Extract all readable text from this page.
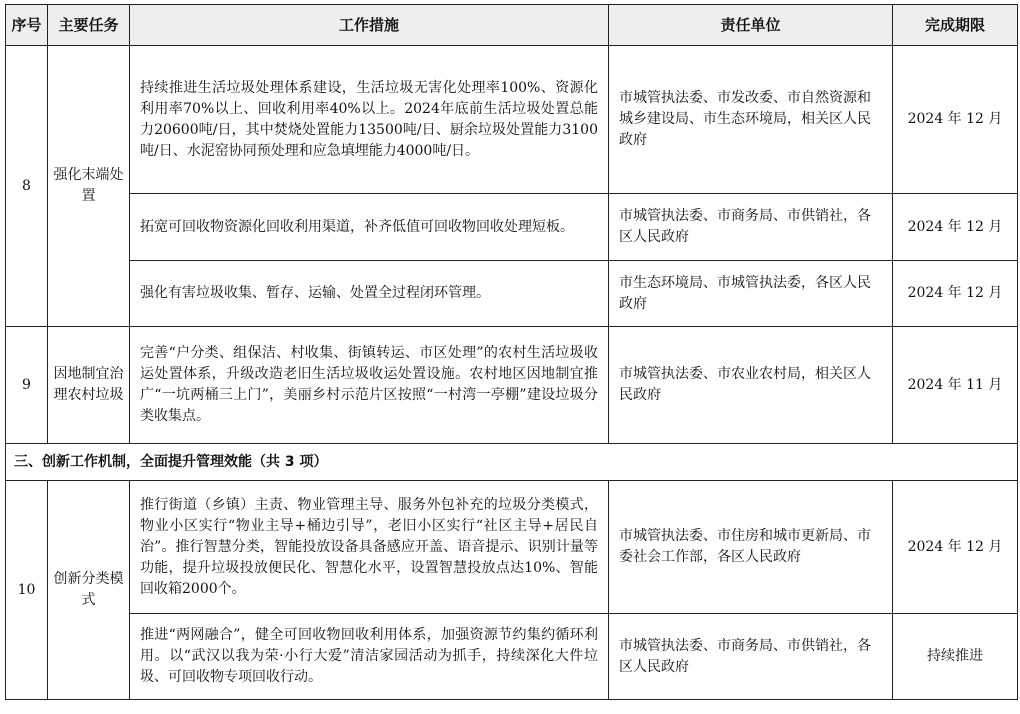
序号	主要任务	工作措施	责任单位	完成期限
8	强化末端处置	持续推进生活垃圾处理体系建设，生活垃圾无害化处理率100%、资源化利用率70%以上、回收利用率40%以上。2024年底前生活垃圾处置总能力20600吨/日，其中焚烧处置能力13500吨/日、厨余垃圾处置能力3100吨/日、水泥窑协同预处理和应急填埋能力4000吨/日。	市城管执法委、市发改委、市自然资源和城乡建设局、市生态环境局，相关区人民政府	2024 年 12 月
		拓宽可回收物资源化回收利用渠道，补齐低值可回收物回收处理短板。	市城管执法委、市商务局、市供销社，各区人民政府	2024 年 12 月
		强化有害垃圾收集、暂存、运输、处置全过程闭环管理。	市生态环境局、市城管执法委，各区人民政府	2024 年 12 月
9	因地制宜治理农村垃圾	完善“户分类、组保洁、村收集、街镇转运、市区处理”的农村生活垃圾收运处置体系，升级改造老旧生活垃圾收运处置设施。农村地区因地制宜推广“一坑两桶三上门”，美丽乡村示范片区按照“一村湾一亭棚”建设垃圾分类收集点。	市城管执法委、市农业农村局，相关区人民政府	2024 年 11 月
三、创新工作机制，全面提升管理效能（共 3 项）				
10	创新分类模式	推行街道（乡镇）主责、物业管理主导、服务外包补充的垃圾分类模式，物业小区实行“物业主导+桶边引导”，老旧小区实行“社区主导+居民自治”。推行智慧分类，智能投放设备具备感应开盖、语音提示、识别计量等功能，提升垃圾投放便民化、智慧化水平，设置智慧投放点达10%、智能回收箱2000个。	市城管执法委、市住房和城市更新局、市委社会工作部，各区人民政府	2024 年 12 月
		推进“两网融合”，健全可回收物回收利用体系，加强资源节约集约循环利用。以“武汉以我为荣·小行大爱”清洁家园活动为抓手，持续深化大件垃圾、可回收物专项回收行动。	市城管执法委、市商务局、市供销社，各区人民政府	持续推进
